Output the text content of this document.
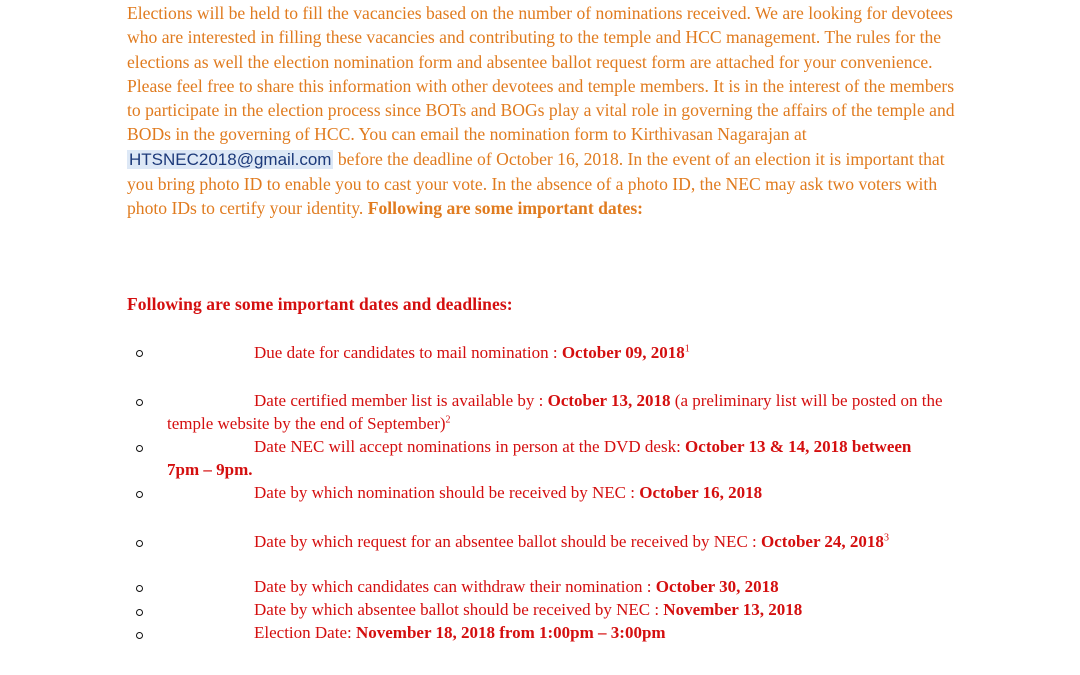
Elections will be held to fill the vacancies based on the number of nominations received. We are looking for devotees who are interested in filling these vacancies and contributing to the temple and HCC management. The rules for the elections as well the election nomination form and absentee ballot request form are attached for your convenience. Please feel free to share this information with other devotees and temple members. It is in the interest of the members to participate in the election process since BOTs and BOGs play a vital role in governing the affairs of the temple and BODs in the governing of HCC. You can email the nomination form to Kirthivasan Nagarajan at HTSNEC2018@gmail.com before the deadline of October 16, 2018. In the event of an election it is important that you bring photo ID to enable you to cast your vote. In the absence of a photo ID, the NEC may ask two voters with photo IDs to certify your identity. Following are some important dates:

Following are some important dates and deadlines:

Due date for candidates to mail nomination : October 09, 2018$^1$

Date certified member list is available by : October 13, 2018 (a preliminary list will be posted on the temple website by the end of September)$^2$

Date NEC will accept nominations in person at the DVD desk: October 13 & 14, 2018 between 7pm – 9pm.

Date by which nomination should be received by NEC : October 16, 2018

Date by which request for an absentee ballot should be received by NEC : October 24, 2018$^3$

Date by which candidates can withdraw their nomination : October 30, 2018

Date by which absentee ballot should be received by NEC : November 13, 2018

Election Date: November 18, 2018 from 1:00pm – 3:00pm
